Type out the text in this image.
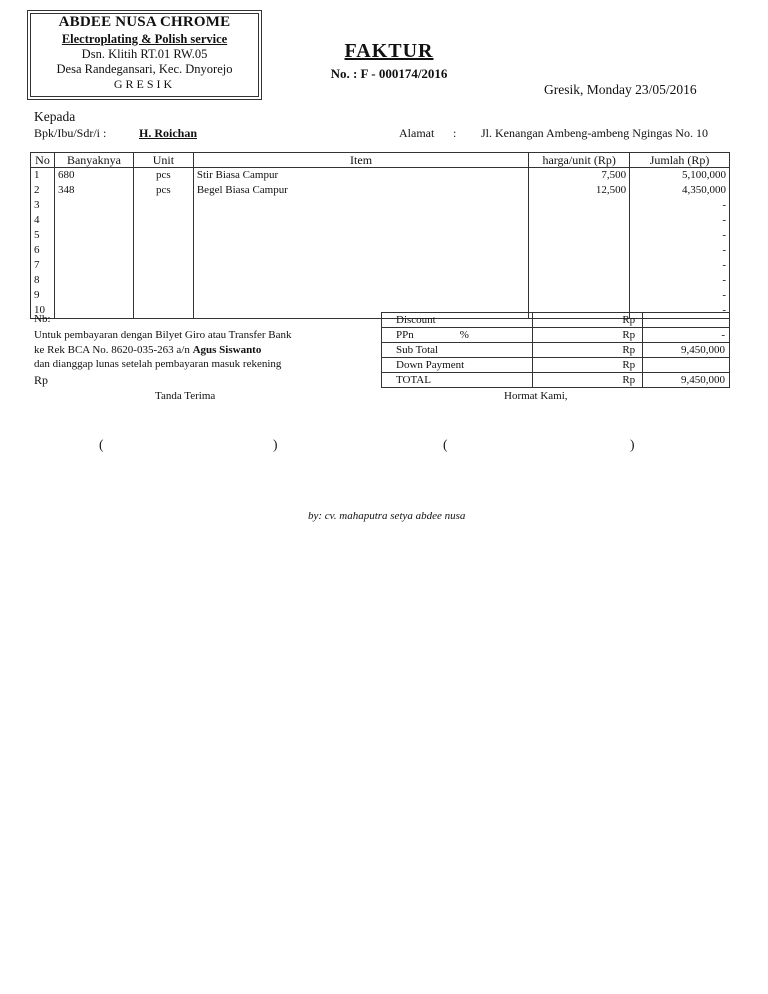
ABDEE NUSA CHROME
Electroplating & Polish service
Dsn. Klitih RT.01 RW.05
Desa Randegansari, Kec. Dnyorejo
GRESIK
FAKTUR
No. : F - 000174/2016
Gresik, Monday 23/05/2016
Kepada
Bpk/Ibu/Sdr/i :	H. Roichan	Alamat : Jl. Kenangan Ambeng-ambeng Ngingas No. 10
No	Banyaknya	Unit	Item	harga/unit (Rp)	Jumlah (Rp)
1	680	pcs	Stir Biasa Campur	7,500	5,100,000
2	348	pcs	Begel Biasa Campur	12,500	4,350,000
3					-
4					-
5					-
6					-
7					-
8					-
9					-
10					-
Discount		Rp	
PPn %		Rp	-
Sub Total		Rp	9,450,000
Down Payment		Rp	
TOTAL		Rp	9,450,000
Nb:
Untuk pembayaran dengan Bilyet Giro atau Transfer Bank
ke Rek BCA No. 8620-035-263 a/n Agus Siswanto
dan dianggap lunas setelah pembayaran masuk rekening
Rp
Tanda Terima	Hormat Kami,
(	)	(	)
by: cv. mahaputra setya abdee nusa
